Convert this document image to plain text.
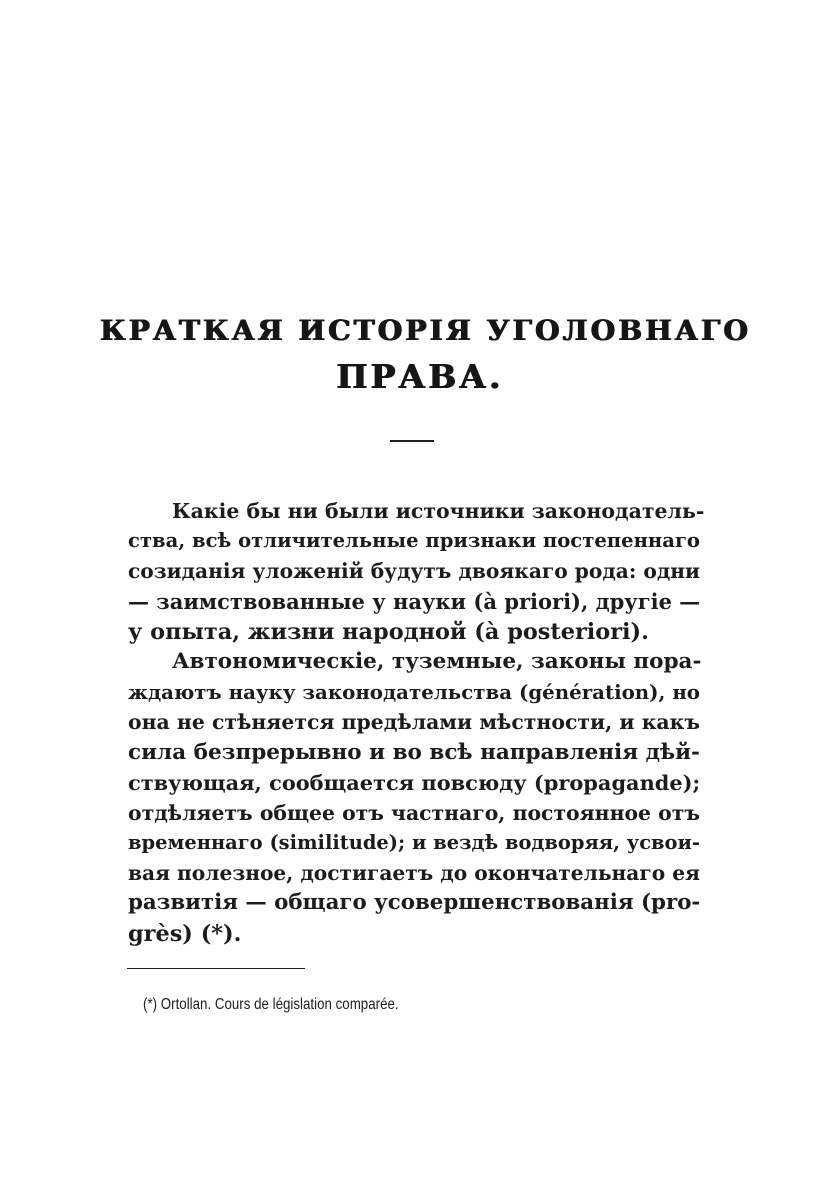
КРАТКАЯ ИСТОРІЯ УГОЛОВНАГО
ПРАВА.
Какіе бы ни были источники законодатель-
ства, всѣ отличительные признаки постепеннаго
созиданія уложеній будутъ двоякаго рода: одни
— заимствованные у науки (à priori), другіе —
у опыта, жизни народной (à posteriori).
Автономическіе, туземные, законы пора-
ждаютъ науку законодательства (génération), но
она не стѣняется предѣлами мѣстности, и какъ
сила безпрерывно и во всѣ направленія дѣй-
ствующая, сообщается повсюду (propagande);
отдѣляетъ общее отъ частнаго, постоянное отъ
временнаго (similitude); и вездѣ водворяя, усвои-
вая полезное, достигаетъ до окончательнаго ея
развитія — общаго усовершенствованія (pro-
grès) (*).
(*) Ortollan. Cours de législation comparée.
